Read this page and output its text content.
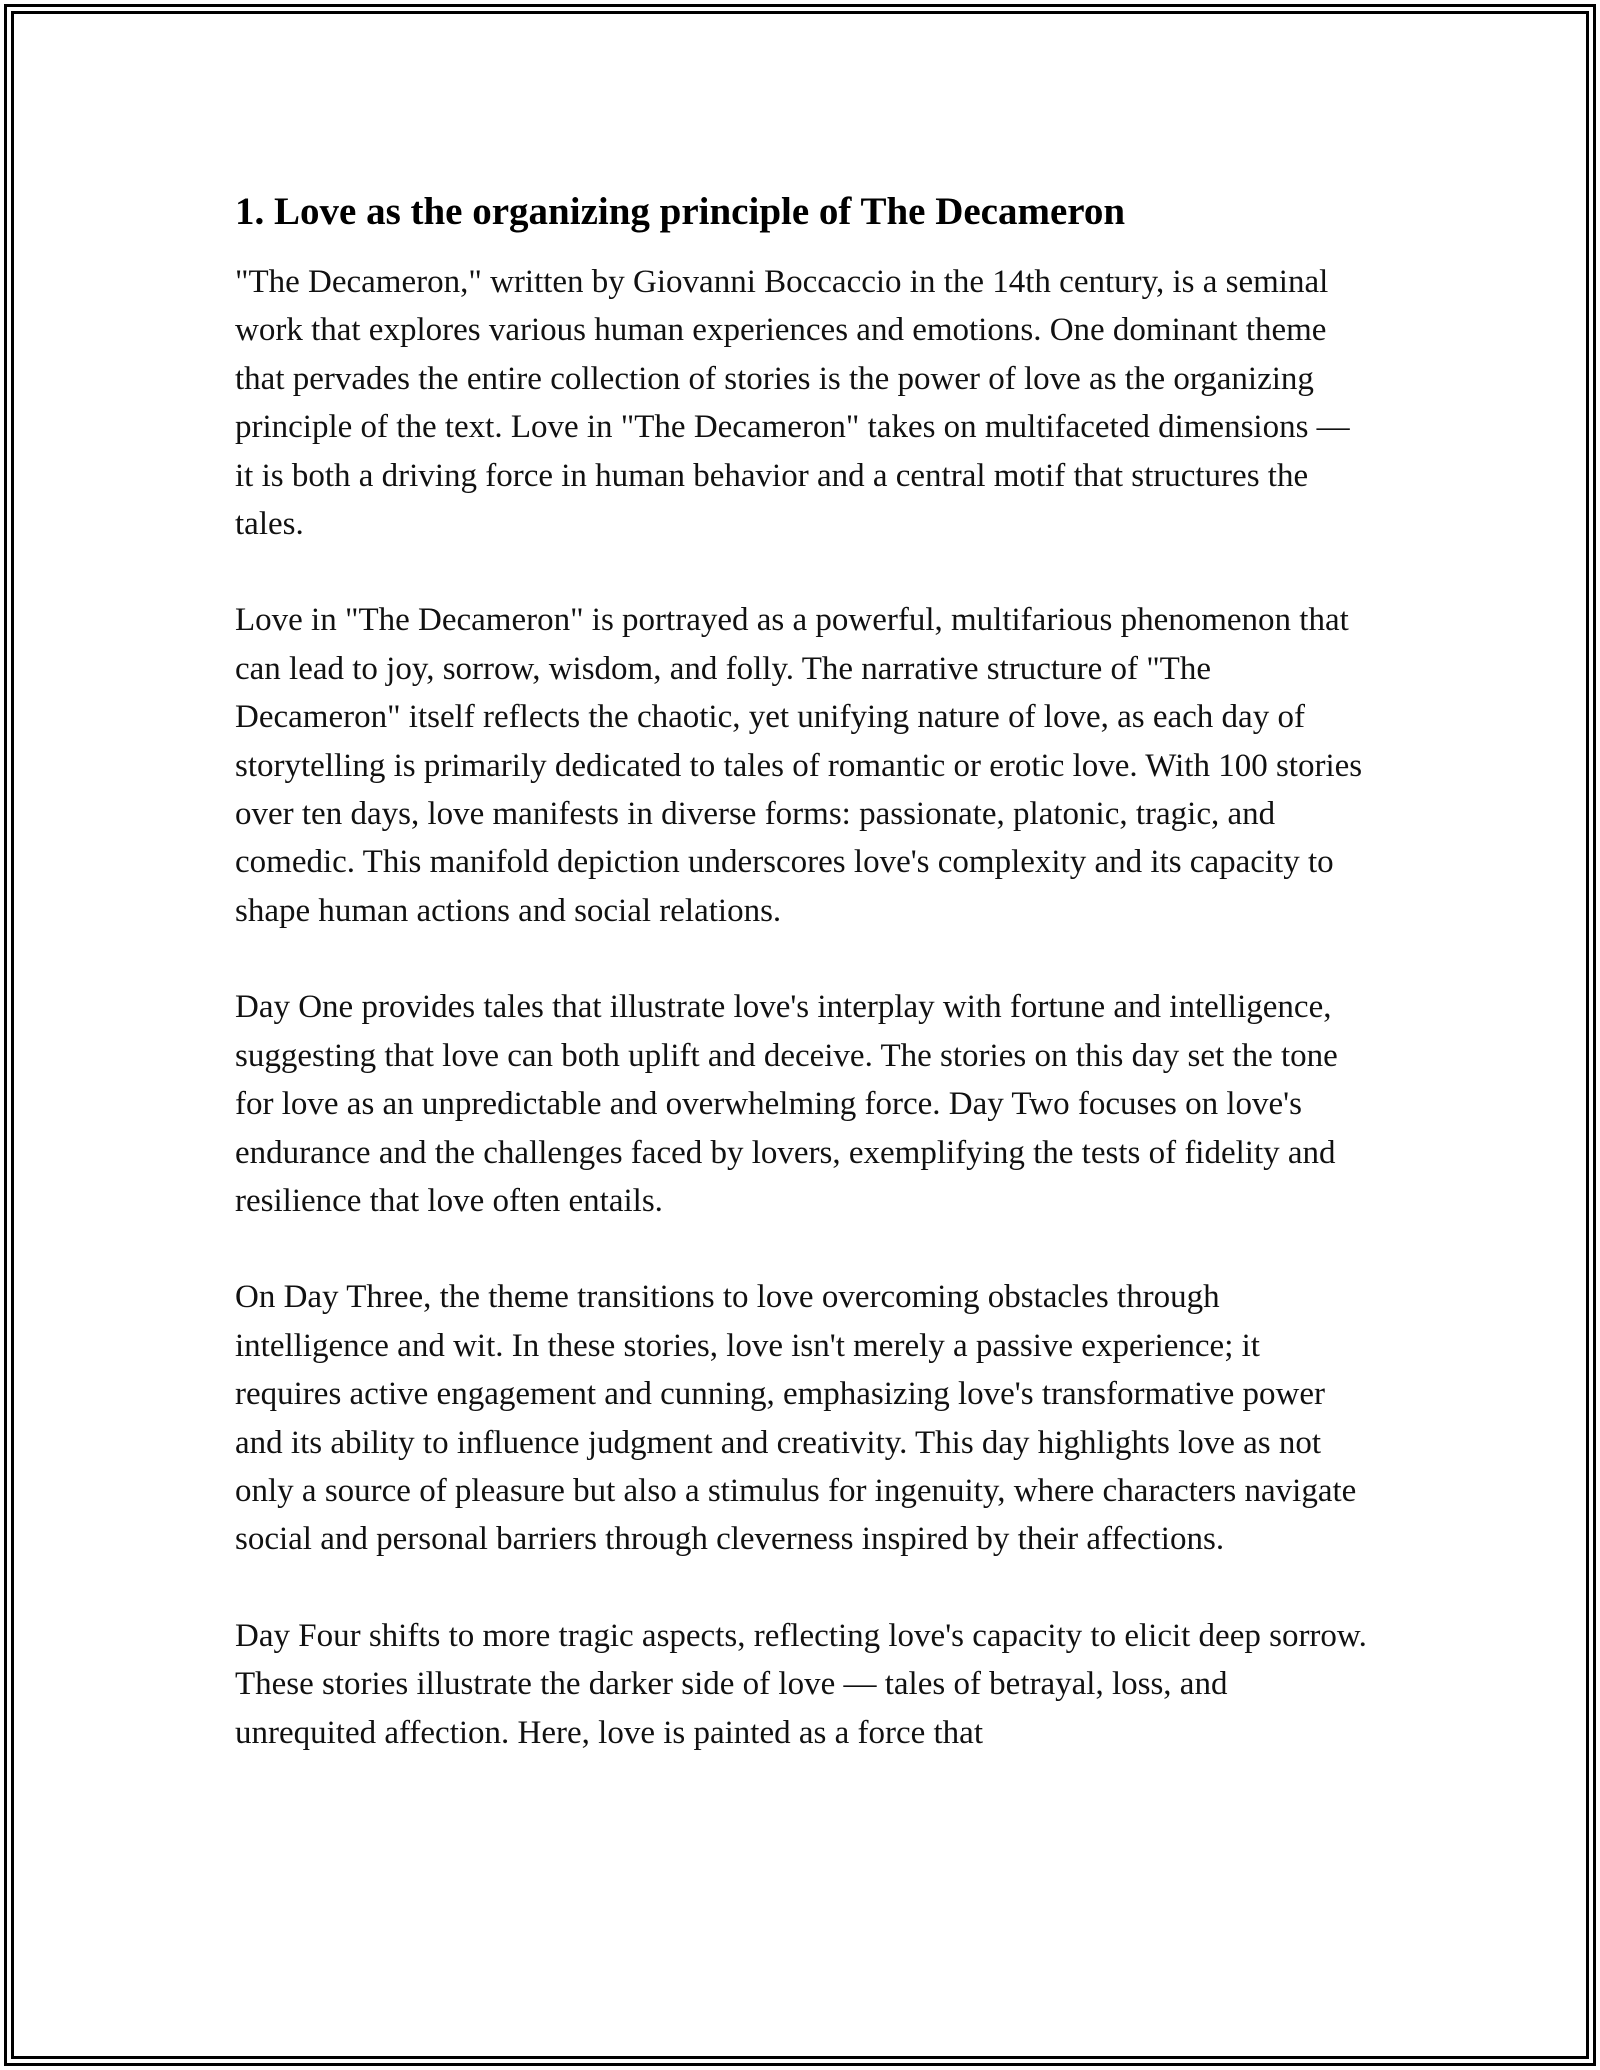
1. Love as the organizing principle of The Decameron

"The Decameron," written by Giovanni Boccaccio in the 14th century, is a seminal work that explores various human experiences and emotions. One dominant theme that pervades the entire collection of stories is the power of love as the organizing principle of the text. Love in "The Decameron" takes on multifaceted dimensions — it is both a driving force in human behavior and a central motif that structures the tales.

Love in "The Decameron" is portrayed as a powerful, multifarious phenomenon that can lead to joy, sorrow, wisdom, and folly. The narrative structure of "The Decameron" itself reflects the chaotic, yet unifying nature of love, as each day of storytelling is primarily dedicated to tales of romantic or erotic love. With 100 stories over ten days, love manifests in diverse forms: passionate, platonic, tragic, and comedic. This manifold depiction underscores love's complexity and its capacity to shape human actions and social relations.

Day One provides tales that illustrate love's interplay with fortune and intelligence, suggesting that love can both uplift and deceive. The stories on this day set the tone for love as an unpredictable and overwhelming force. Day Two focuses on love's endurance and the challenges faced by lovers, exemplifying the tests of fidelity and resilience that love often entails.

On Day Three, the theme transitions to love overcoming obstacles through intelligence and wit. In these stories, love isn't merely a passive experience; it requires active engagement and cunning, emphasizing love's transformative power and its ability to influence judgment and creativity. This day highlights love as not only a source of pleasure but also a stimulus for ingenuity, where characters navigate social and personal barriers through cleverness inspired by their affections.

Day Four shifts to more tragic aspects, reflecting love's capacity to elicit deep sorrow. These stories illustrate the darker side of love — tales of betrayal, loss, and unrequited affection. Here, love is painted as a force that
